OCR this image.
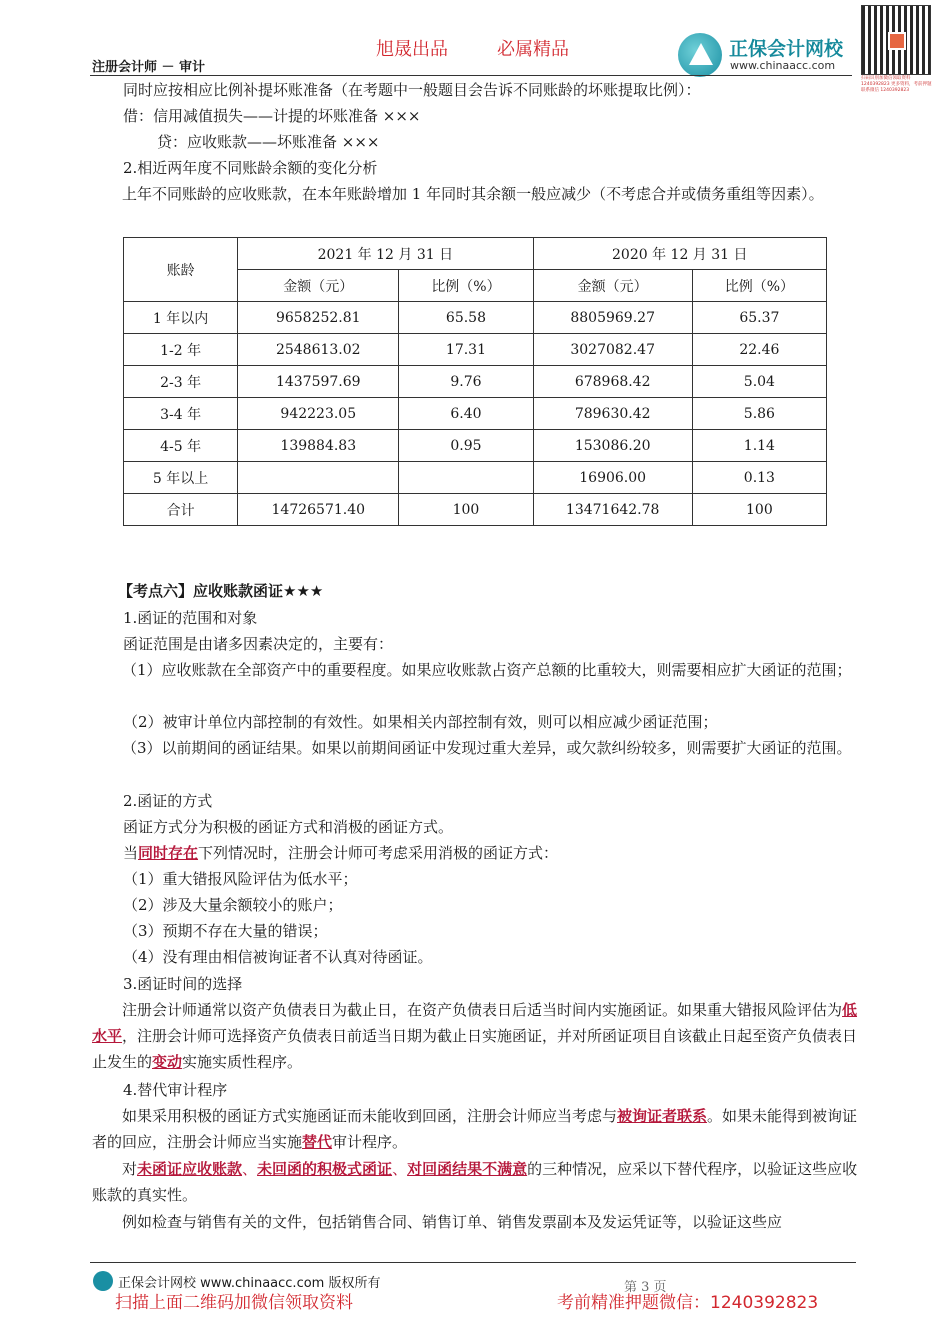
旭晟出品	必属精品
注册会计师 － 审计
正保会计网校
www.chinaacc.com
扫码识别加微信领取资料 1240392823 更多资料，考前押题联系微信 1240392823

同时应按相应比例补提坏账准备（在考题中一般题目会告诉不同账龄的坏账提取比例）：

借：信用减值损失——计提的坏账准备 ×××

贷：应收账款——坏账准备 ×××

2.相近两年度不同账龄余额的变化分析

上年不同账龄的应收账款，在本年账龄增加 1 年同时其余额一般应减少（不考虑合并或债务重组等因素）。

账龄	2021 年 12 月 31 日		2020 年 12 月 31 日	
	金额（元）	比例（%）	金额（元）	比例（%）
1 年以内	9658252.81	65.58	8805969.27	65.37
1-2 年	2548613.02	17.31	3027082.47	22.46
2-3 年	1437597.69	9.76	678968.42	5.04
3-4 年	942223.05	6.40	789630.42	5.86
4-5 年	139884.83	0.95	153086.20	1.14
5 年以上			16906.00	0.13
合计	14726571.40	100	13471642.78	100

【考点六】应收账款函证★★★

1.函证的范围和对象

函证范围是由诸多因素决定的，主要有：

（1）应收账款在全部资产中的重要程度。如果应收账款占资产总额的比重较大，则需要相应扩大函证的范围；

（2）被审计单位内部控制的有效性。如果相关内部控制有效，则可以相应减少函证范围；

（3）以前期间的函证结果。如果以前期间函证中发现过重大差异，或欠款纠纷较多，则需要扩大函证的范围。

2.函证的方式

函证方式分为积极的函证方式和消极的函证方式。

当同时存在下列情况时，注册会计师可考虑采用消极的函证方式：

（1）重大错报风险评估为低水平；

（2）涉及大量余额较小的账户；

（3）预期不存在大量的错误；

（4）没有理由相信被询证者不认真对待函证。

3.函证时间的选择

注册会计师通常以资产负债表日为截止日，在资产负债表日后适当时间内实施函证。如果重大错报风险评估为低水平，注册会计师可选择资产负债表日前适当日期为截止日实施函证，并对所函证项目自该截止日起至资产负债表日止发生的变动实施实质性程序。

4.替代审计程序

如果采用积极的函证方式实施函证而未能收到回函，注册会计师应当考虑与被询证者联系。如果未能得到被询证者的回应，注册会计师应当实施替代审计程序。

对未函证应收账款、未回函的积极式函证、对回函结果不满意的三种情况，应采以下替代程序，以验证这些应收账款的真实性。

例如检查与销售有关的文件，包括销售合同、销售订单、销售发票副本及发运凭证等，以验证这些应

正保会计网校 www.chinaacc.com 版权所有	第 3 页
扫描上面二维码加微信领取资料	考前精准押题微信：1240392823
